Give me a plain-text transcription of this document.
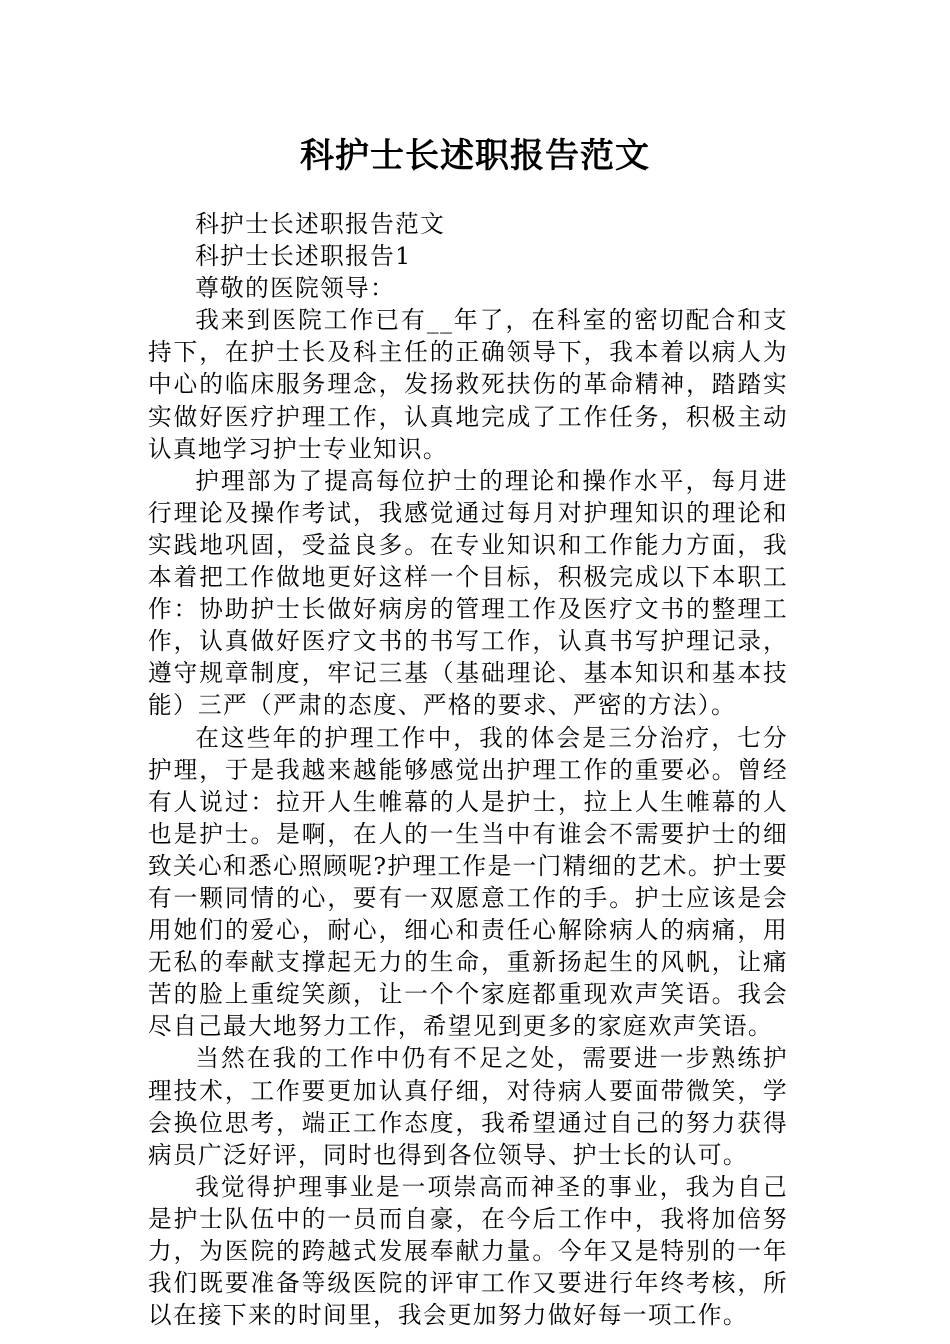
科护士长述职报告范文

科护士长述职报告范文

科护士长述职报告1

尊敬的医院领导：

我来到医院工作已有__年了，在科室的密切配合和支持下，在护士长及科主任的正确领导下，我本着以病人为中心的临床服务理念，发扬救死扶伤的革命精神，踏踏实实做好医疗护理工作，认真地完成了工作任务，积极主动认真地学习护士专业知识。

护理部为了提高每位护士的理论和操作水平，每月进行理论及操作考试，我感觉通过每月对护理知识的理论和实践地巩固，受益良多。在专业知识和工作能力方面，我本着把工作做地更好这样一个目标，积极完成以下本职工作：协助护士长做好病房的管理工作及医疗文书的整理工作，认真做好医疗文书的书写工作，认真书写护理记录，遵守规章制度，牢记三基（基础理论、基本知识和基本技能）三严（严肃的态度、严格的要求、严密的方法）。

在这些年的护理工作中，我的体会是三分治疗，七分护理，于是我越来越能够感觉出护理工作的重要必。曾经有人说过：拉开人生帷幕的人是护士，拉上人生帷幕的人也是护士。是啊，在人的一生当中有谁会不需要护士的细致关心和悉心照顾呢?护理工作是一门精细的艺术。护士要有一颗同情的心，要有一双愿意工作的手。护士应该是会用她们的爱心，耐心，细心和责任心解除病人的病痛，用无私的奉献支撑起无力的生命，重新扬起生的风帆，让痛苦的脸上重绽笑颜，让一个个家庭都重现欢声笑语。我会尽自己最大地努力工作，希望见到更多的家庭欢声笑语。

当然在我的工作中仍有不足之处，需要进一步熟练护理技术，工作要更加认真仔细，对待病人要面带微笑，学会换位思考，端正工作态度，我希望通过自己的努力获得病员广泛好评，同时也得到各位领导、护士长的认可。

我觉得护理事业是一项崇高而神圣的事业，我为自己是护士队伍中的一员而自豪，在今后工作中，我将加倍努力，为医院的跨越式发展奉献力量。今年又是特别的一年我们既要准备等级医院的评审工作又要进行年终考核，所以在接下来的时间里，我会更加努力做好每一项工作。
